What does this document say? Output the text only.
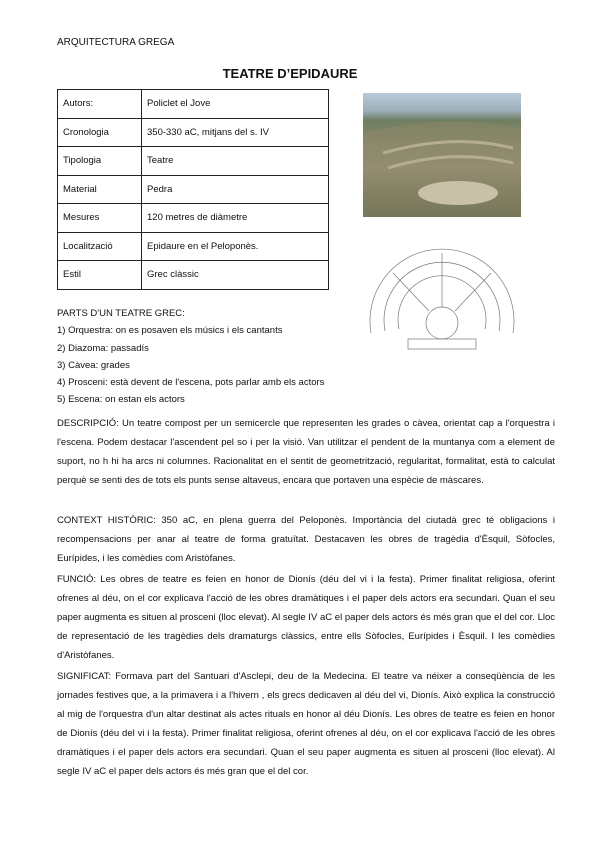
ARQUITECTURA GREGA
TEATRE D’EPIDAURE
Autors:	Policlet el Jove
Cronologia	350-330 aC, mitjans del s. IV
Tipologia	Teatre
Material	Pedra
Mesures	120 metres de diàmetre
Localització	Epidaure en el Peloponès.
Estil	Grec clàssic
PARTS D'UN TEATRE GREC:
1) Orquestra: on es posaven els músics i els cantants
2) Diazoma: passadís
3) Càvea: grades
4) Prosceni: està devent de l'escena, pots parlar amb els actors
5) Escena: on estan els actors
DESCRIPCIÓ: Un teatre compost per un semicercle que representen les grades o càvea, orientat cap a l'orquestra i l'escena. Podem destacar l'ascendent pel so i per la visió. Van utilitzar el pendent de la muntanya com a element de suport, no h hi ha arcs ni columnes. Racionalitat en el sentit de geometrització, regularitat, formalitat, està to calculat perquè se senti des de tots els punts sense altaveus, encara que portaven una espècie de màscares.
CONTEXT HISTÒRIC: 350 aC, en plena guerra del Peloponès. Importància del ciutadà grec té obligacions i recompensacions per anar al teatre de forma gratuïtat. Destacaven les obres de tragèdia d'Èsquil, Sòfocles, Eurípides, i les comèdies com Aristòfanes.
FUNCIÓ: Les obres de teatre es feien en honor de Dionís (déu del vi i la festa). Primer finalitat religiosa, oferint ofrenes al déu, on el cor explicava l'acció de les obres dramàtiques i el paper dels actors era secundari. Quan el seu paper augmenta es situen al prosceni (lloc elevat). Al segle IV aC el paper dels actors és més gran que el del cor. Lloc de representació de les tragèdies dels dramaturgs clàssics, entre ells Sòfocles, Eurípides i Èsquil. I les comèdies d'Aristòfanes.
SIGNIFICAT: Formava part del Santuari d'Asclepi, deu de la Medecina. El teatre va néixer a conseqüència de les jornades festives que, a la primavera i a l'hivern , els grecs dedicaven al déu del vi, Dionís. Això explica la construcció al mig de l'orquestra d'un altar destinat als actes rituals en honor al déu Dionís. Les obres de teatre es feien en honor de Dionís (déu del vi i la festa). Primer finalitat religiosa, oferint ofrenes al déu, on el cor explicava l'acció de les obres dramàtiques i el paper dels actors era secundari. Quan el seu paper augmenta es situen al prosceni (lloc elevat). Al segle IV aC el paper dels actors és més gran que el del cor.
